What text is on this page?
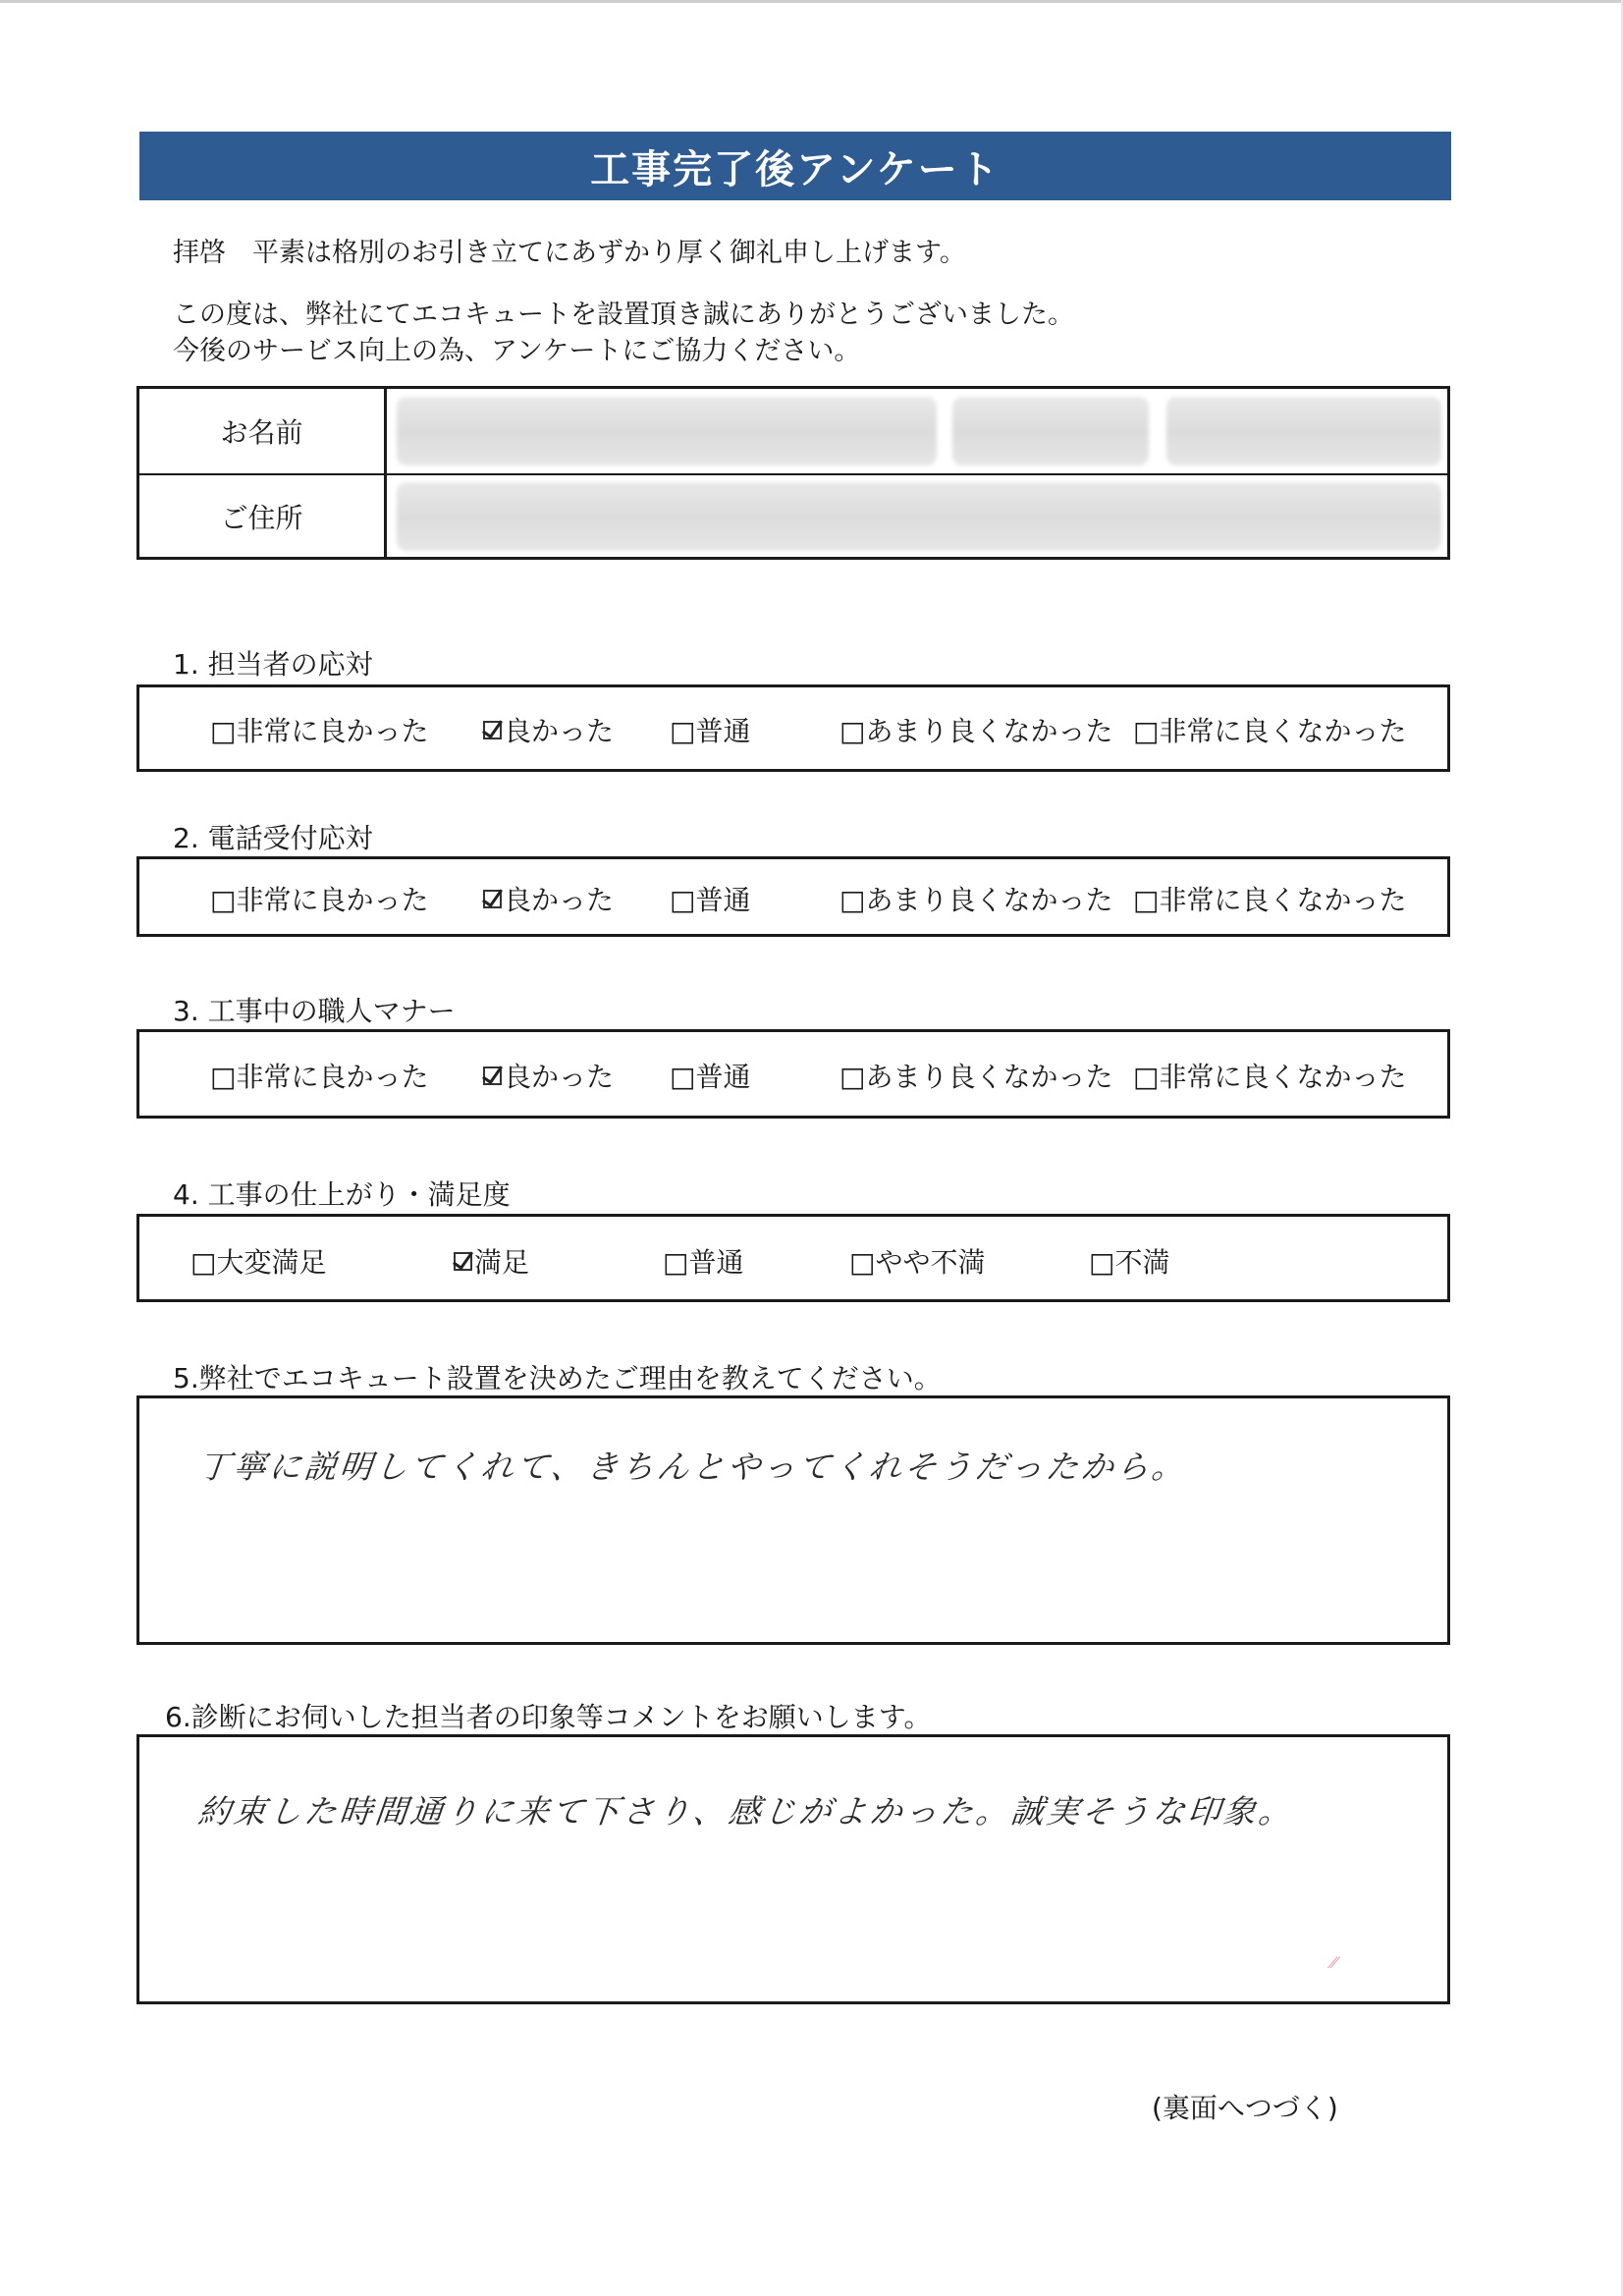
工事完了後アンケート
拝啓　平素は格別のお引き立てにあずかり厚く御礼申し上げます。
この度は、弊社にてエコキュートを設置頂き誠にありがとうございました。
今後のサービス向上の為、アンケートにご協力ください。
お名前
ご住所
1. 担当者の応対
□非常に良かった	良かった □普通	□あまり良くなかった □非常に良くなかった
2. 電話受付応対
□非常に良かった	良かった □普通	□あまり良くなかった □非常に良くなかった
3. 工事中の職人マナー
□非常に良かった	良かった □普通	□あまり良くなかった □非常に良くなかった
4. 工事の仕上がり・満足度
□大変満足	満足	□普通	□やや不満	□不満
5.弊社でエコキュート設置を決めたご理由を教えてください。
丁寧に説明してくれて、きちんとやってくれそうだったから。
6.診断にお伺いした担当者の印象等コメントをお願いします。
約束した時間通りに来て下さり、感じがよかった。誠実そうな印象。
⁄⁄
(裏面へつづく)
